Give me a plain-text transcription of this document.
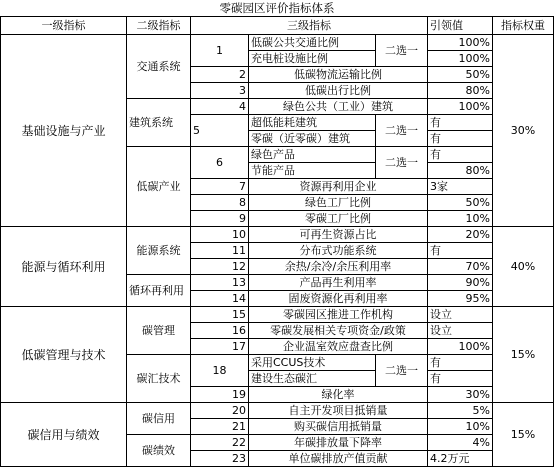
零碳园区评价指标体系						
一级指标	二级指标	三级指标			引领值	指标权重
基础设施与产业	交通系统	1	低碳公共交通比例	二选一	100%	30%
			充电桩设施比例		100%	
		2	低碳物流运输比例		50%	
		3	低碳出行比例		80%	
	建筑系统	4	绿色公共（工业）建筑		100%	
		5	超低能耗建筑	二选一	有	
			零碳（近零碳）建筑		有	
	低碳产业	6	绿色产品	二选一	有	
			节能产品		80%	
		7	资源再利用企业		3家	
		8	绿色工厂比例		50%	
		9	零碳工厂比例		10%	
能源与循环利用	能源系统	10	可再生资源占比		20%	40%
		11	分布式功能系统		有	
		12	余热/余冷/余压利用率		70%	
	循环再利用	13	产品再生利用率		90%	
		14	固废资源化再利用率		95%	
低碳管理与技术	碳管理	15	零碳园区推进工作机构		设立	15%
		16	零碳发展相关专项资金/政策		设立	
		17	企业温室效应盘查比例		100%	
	碳汇技术	18	采用CCUS技术	二选一	有	
			建设生态碳汇		有	
		19	绿化率		30%	
碳信用与绩效	碳信用	20	自主开发项目抵销量		5%	15%
		21	购买碳信用抵销量		10%	
	碳绩效	22	年碳排放量下降率		4%	
		23	单位碳排放产值贡献		4.2万元	
